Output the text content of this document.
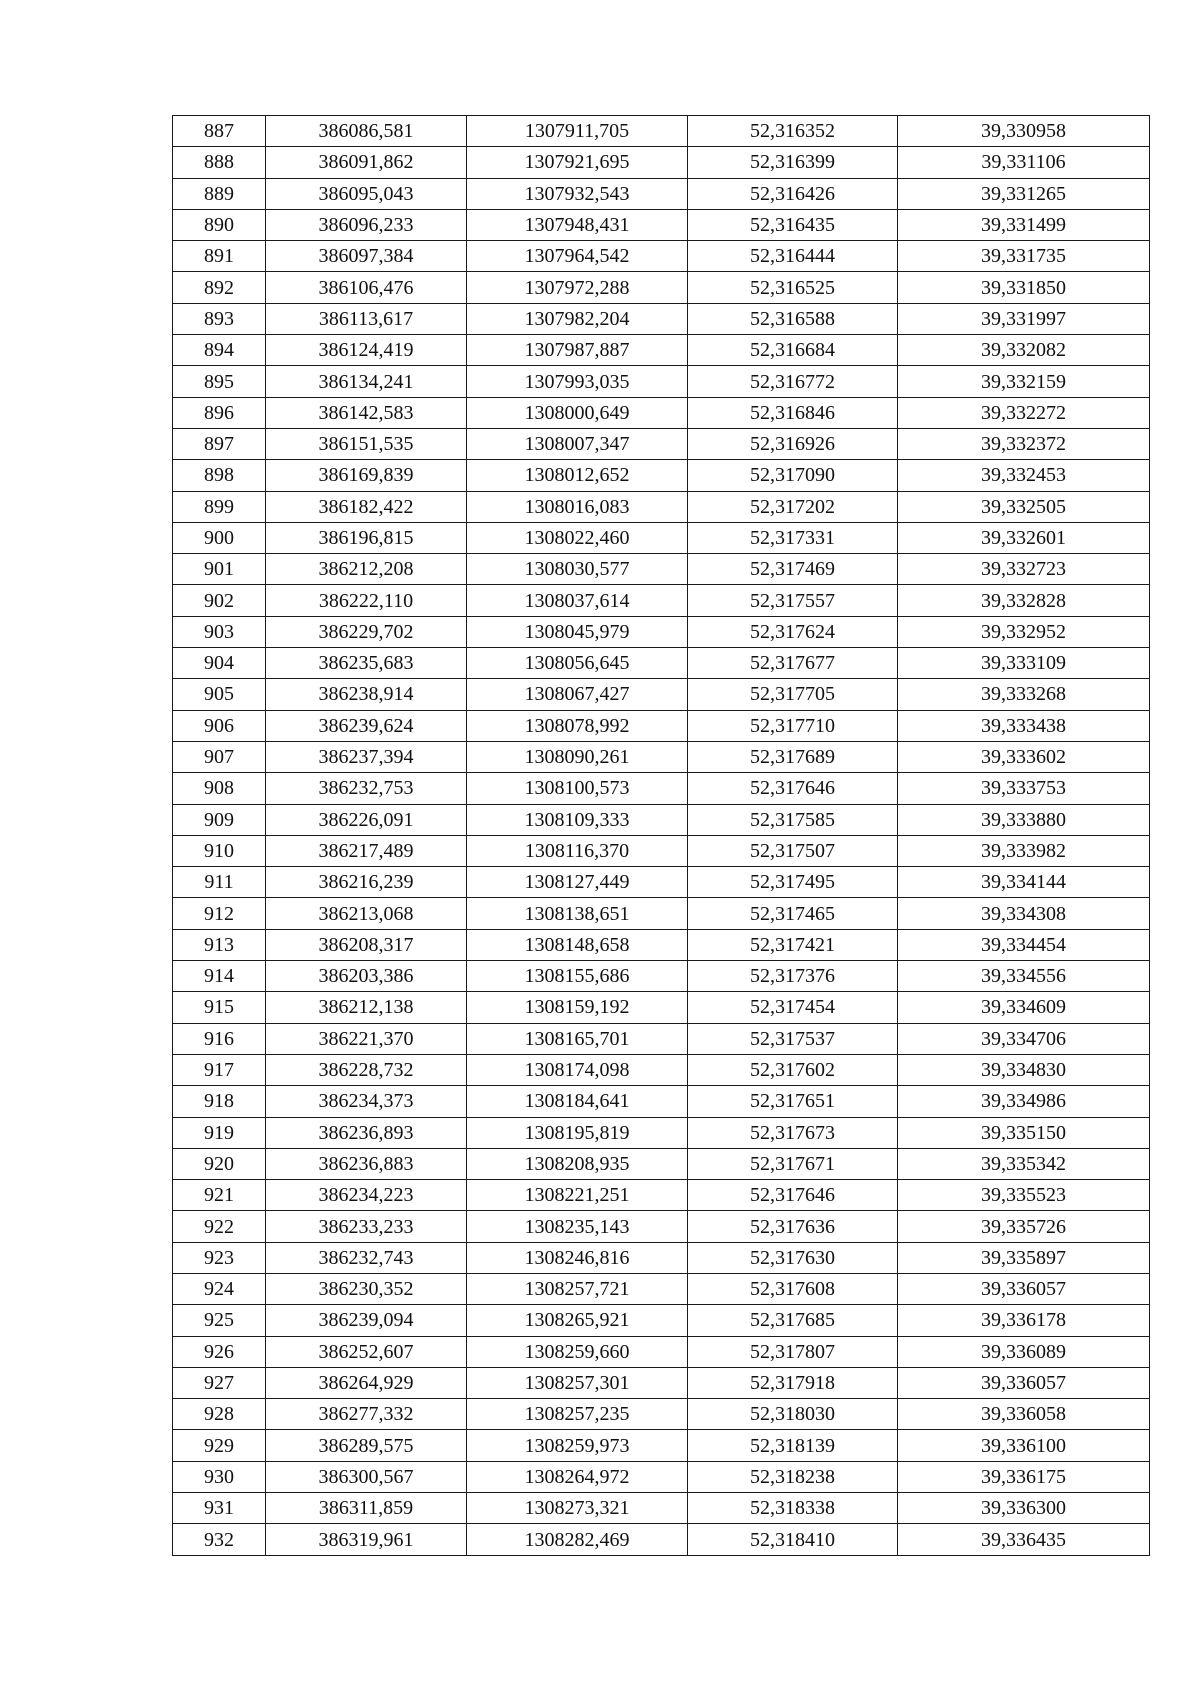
887	386086,581	1307911,705	52,316352	39,330958
888	386091,862	1307921,695	52,316399	39,331106
889	386095,043	1307932,543	52,316426	39,331265
890	386096,233	1307948,431	52,316435	39,331499
891	386097,384	1307964,542	52,316444	39,331735
892	386106,476	1307972,288	52,316525	39,331850
893	386113,617	1307982,204	52,316588	39,331997
894	386124,419	1307987,887	52,316684	39,332082
895	386134,241	1307993,035	52,316772	39,332159
896	386142,583	1308000,649	52,316846	39,332272
897	386151,535	1308007,347	52,316926	39,332372
898	386169,839	1308012,652	52,317090	39,332453
899	386182,422	1308016,083	52,317202	39,332505
900	386196,815	1308022,460	52,317331	39,332601
901	386212,208	1308030,577	52,317469	39,332723
902	386222,110	1308037,614	52,317557	39,332828
903	386229,702	1308045,979	52,317624	39,332952
904	386235,683	1308056,645	52,317677	39,333109
905	386238,914	1308067,427	52,317705	39,333268
906	386239,624	1308078,992	52,317710	39,333438
907	386237,394	1308090,261	52,317689	39,333602
908	386232,753	1308100,573	52,317646	39,333753
909	386226,091	1308109,333	52,317585	39,333880
910	386217,489	1308116,370	52,317507	39,333982
911	386216,239	1308127,449	52,317495	39,334144
912	386213,068	1308138,651	52,317465	39,334308
913	386208,317	1308148,658	52,317421	39,334454
914	386203,386	1308155,686	52,317376	39,334556
915	386212,138	1308159,192	52,317454	39,334609
916	386221,370	1308165,701	52,317537	39,334706
917	386228,732	1308174,098	52,317602	39,334830
918	386234,373	1308184,641	52,317651	39,334986
919	386236,893	1308195,819	52,317673	39,335150
920	386236,883	1308208,935	52,317671	39,335342
921	386234,223	1308221,251	52,317646	39,335523
922	386233,233	1308235,143	52,317636	39,335726
923	386232,743	1308246,816	52,317630	39,335897
924	386230,352	1308257,721	52,317608	39,336057
925	386239,094	1308265,921	52,317685	39,336178
926	386252,607	1308259,660	52,317807	39,336089
927	386264,929	1308257,301	52,317918	39,336057
928	386277,332	1308257,235	52,318030	39,336058
929	386289,575	1308259,973	52,318139	39,336100
930	386300,567	1308264,972	52,318238	39,336175
931	386311,859	1308273,321	52,318338	39,336300
932	386319,961	1308282,469	52,318410	39,336435
